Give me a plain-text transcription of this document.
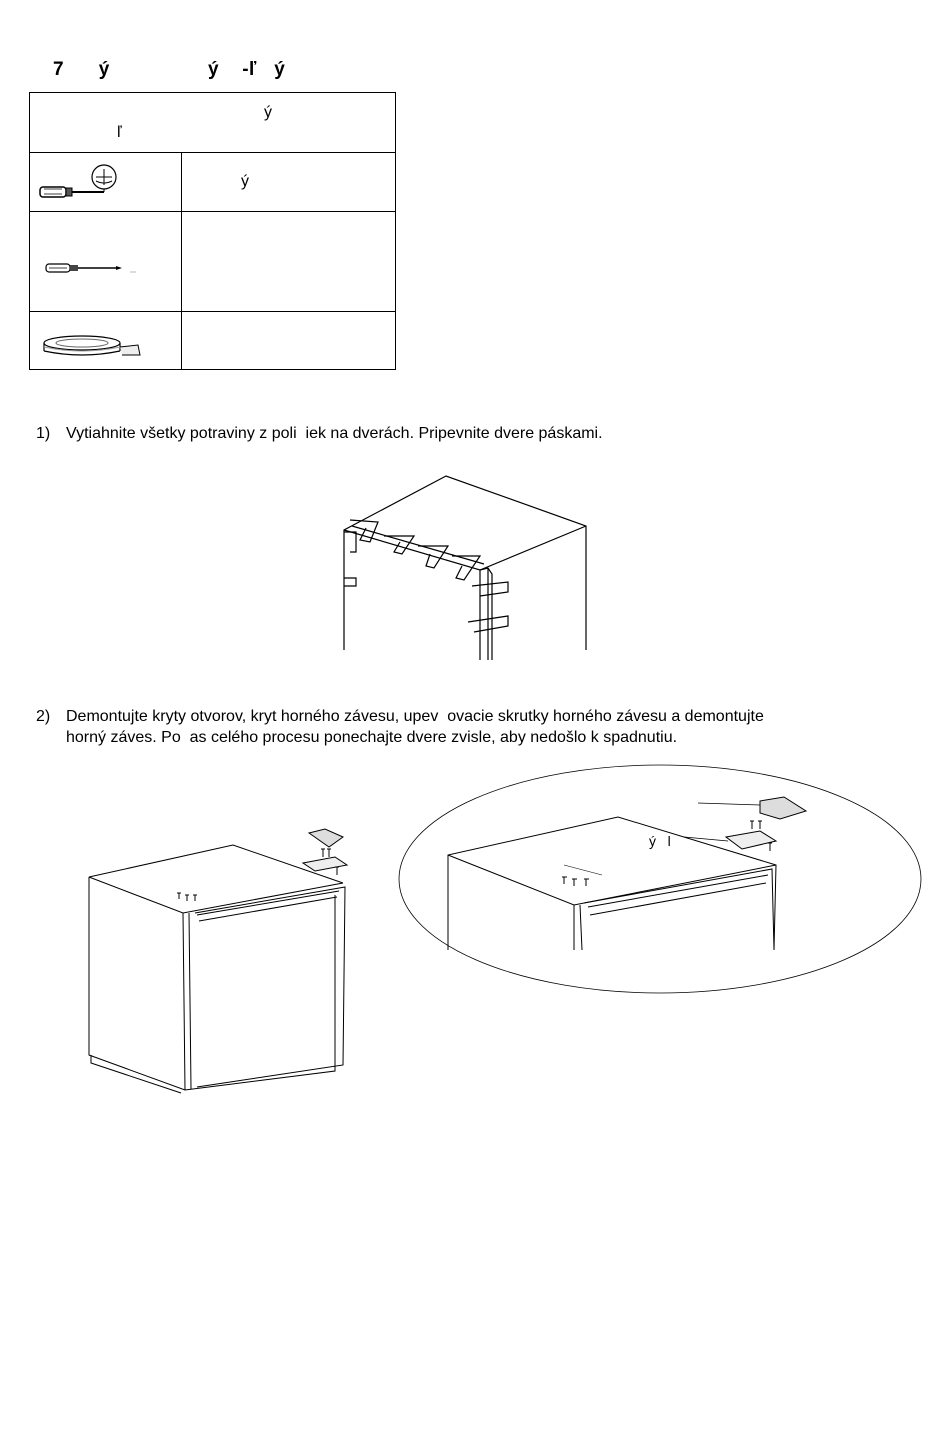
7      ý                 ý    -ľ   ý
ý
ľ
ý
1) Vytiahnite všetky potraviny z poli  iek na dverách. Pripevnite dvere páskami.
2) Demontujte kryty otvorov, kryt horného závesu, upev  ovacie skrutky horného závesu a demontujte
horný záves. Po  as celého procesu ponechajte dvere zvisle, aby nedošlo k spadnutiu.
ý   l
